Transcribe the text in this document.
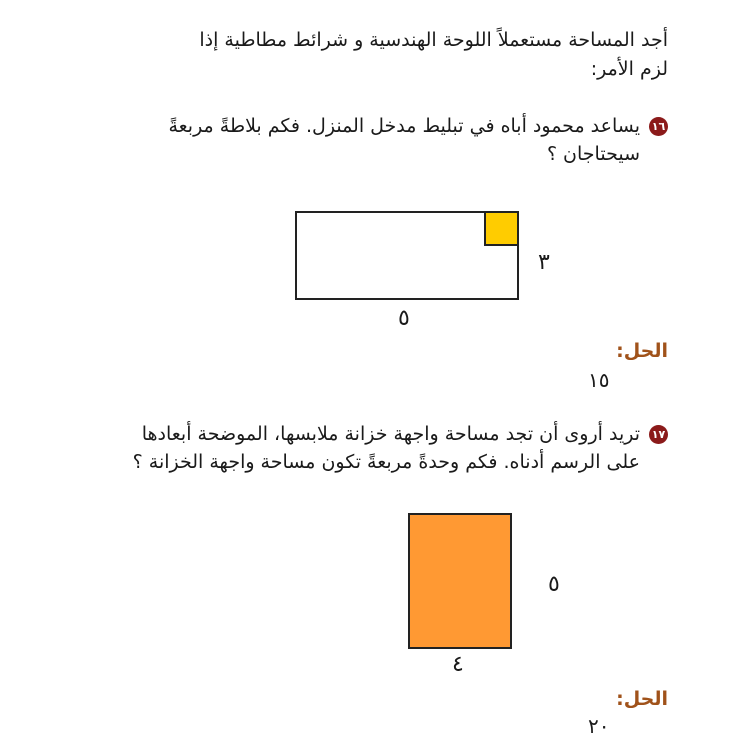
أجد المساحة مستعملاً اللوحة الهندسية و شرائط مطاطية إذا
لزم الأمر:
١٦
يساعد محمود أباه في تبليط مدخل المنزل. فكم بلاطةً مربعةً سيحتاجان ؟
٣
٥
الحل:
١٥
١٧
تريد أروى أن تجد مساحة واجهة خزانة ملابسها، الموضحة أبعادها على الرسم أدناه. فكم وحدةً مربعةً تكون مساحة واجهة الخزانة ؟
٥
٤
الحل:
٢٠
